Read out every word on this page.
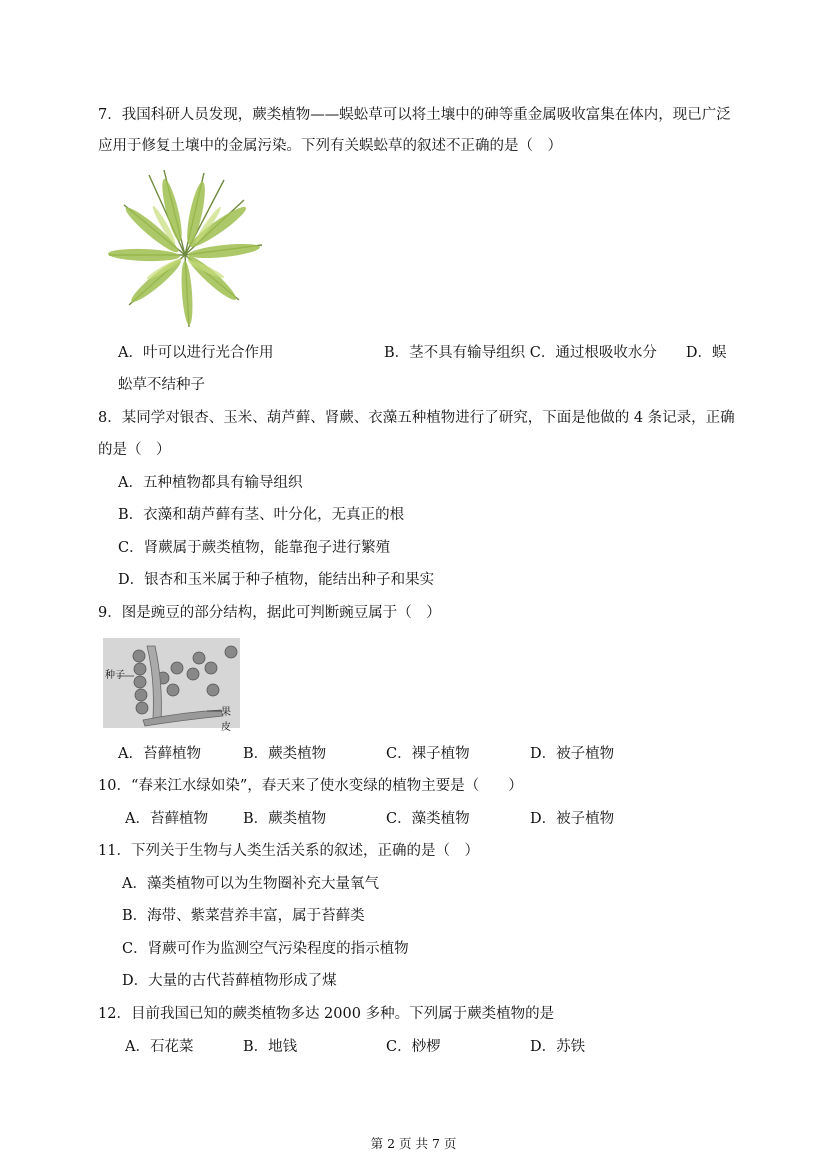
7．我国科研人员发现，蕨类植物——蜈蚣草可以将土壤中的砷等重金属吸收富集在体内，现已广泛
应用于修复土壤中的金属污染。下列有关蜈蚣草的叙述不正确的是（　）
A．叶可以进行光合作用	B．茎不具有输导组织 C．通过根吸收水分　　D．蜈
蚣草不结种子
8．某同学对银杏、玉米、葫芦藓、肾蕨、衣藻五种植物进行了研究，下面是他做的 4 条记录，正确
的是（　）
A．五种植物都具有输导组织
B．衣藻和葫芦藓有茎、叶分化，无真正的根
C．肾蕨属于蕨类植物，能靠孢子进行繁殖
D．银杏和玉米属于种子植物，能结出种子和果实
9．图是豌豆的部分结构，据此可判断豌豆属于（　）
种子
果皮
A．苔藓植物	B．蕨类植物	C．裸子植物	D．被子植物
10．“春来江水绿如染”，春天来了使水变绿的植物主要是（　　）
A．苔藓植物 B．蕨类植物	C．藻类植物	D．被子植物
11．下列关于生物与人类生活关系的叙述，正确的是（　）
A．藻类植物可以为生物圈补充大量氧气
B．海带、紫菜营养丰富，属于苔藓类
C．肾蕨可作为监测空气污染程度的指示植物
D．大量的古代苔藓植物形成了煤
12．目前我国已知的蕨类植物多达 2000 多种。下列属于蕨类植物的是
A．石花菜	B．地钱	C．桫椤	D．苏铁
第 2 页 共 7 页
